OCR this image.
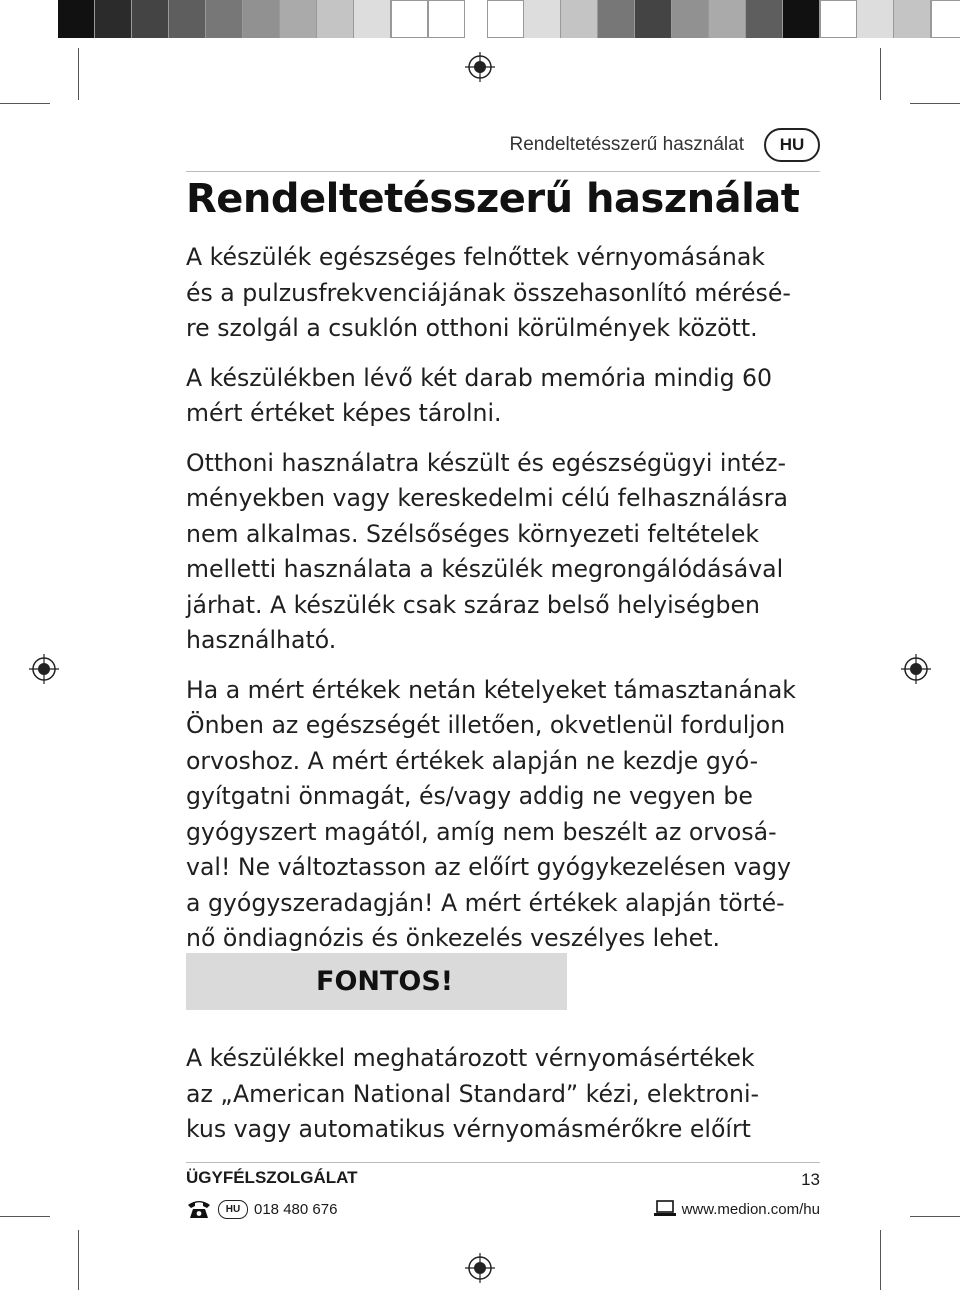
Rendeltetésszerű használat	HU
Rendeltetésszerű használat

A készülék egészséges felnőttek vérnyomásának
és a pulzusfrekvenciájának összehasonlító mérésé-
re szolgál a csuklón otthoni körülmények között.

A készülékben lévő két darab memória mindig 60
mért értéket képes tárolni.

Otthoni használatra készült és egészségügyi intéz-
ményekben vagy kereskedelmi célú felhasználásra
nem alkalmas. Szélsőséges környezeti feltételek
melletti használata a készülék megrongálódásával
járhat. A készülék csak száraz belső helyiségben
használható.

Ha a mért értékek netán kételyeket támasztanának
Önben az egészségét illetően, okvetlenül forduljon
orvoshoz. A mért értékek alapján ne kezdje gyó-
gyítgatni önmagát, és/vagy addig ne vegyen be
gyógyszert magától, amíg nem beszélt az orvosá-
val! Ne változtasson az előírt gyógykezelésen vagy
a gyógyszeradagján! A mért értékek alapján törté-
nő öndiagnózis és önkezelés veszélyes lehet.

FONTOS!

A készülékkel meghatározott vérnyomásértékek
az „American National Standard” kézi, elektroni-
kus vagy automatikus vérnyomásmérőkre előírt

ÜGYFÉLSZOLGÁLAT	13
HU 018 480 676	www.medion.com/hu
